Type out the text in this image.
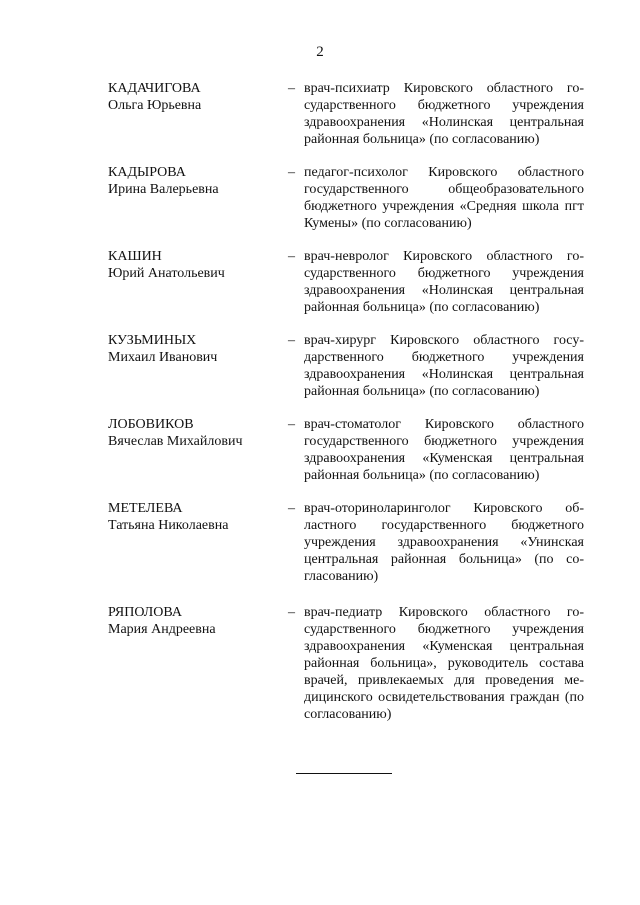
2
КАДАЧИГОВА
Ольга Юрьевна
– врач-психиатр Кировского областного государственного бюджетного учреждения здравоохранения «Нолинская центральная районная больница» (по согласованию)
КАДЫРОВА
Ирина Валерьевна
– педагог-психолог Кировского областного государственного общеобразовательного бюджетного учреждения «Средняя школа пгт Кумены» (по согласованию)
КАШИН
Юрий Анатольевич
– врач-невролог Кировского областного государственного бюджетного учреждения здравоохранения «Нолинская центральная районная больница» (по согласованию)
КУЗЬМИНЫХ
Михаил Иванович
– врач-хирург Кировского областного государственного бюджетного учреждения здравоохранения «Нолинская центральная районная больница» (по согласованию)
ЛОБОВИКОВ
Вячеслав Михайлович
– врач-стоматолог Кировского областного государственного бюджетного учреждения здравоохранения «Куменская центральная районная больница» (по согласованию)
МЕТЕЛЕВА
Татьяна Николаевна
– врач-оториноларинголог Кировского областного государственного бюджетного учреждения здравоохранения «Унинская центральная районная больница» (по согласованию)
РЯПОЛОВА
Мария Андреевна
– врач-педиатр Кировского областного государственного бюджетного учреждения здравоохранения «Куменская центральная районная больница», руководитель состава врачей, привлекаемых для проведения медицинского освидетельствования граждан (по согласованию)
